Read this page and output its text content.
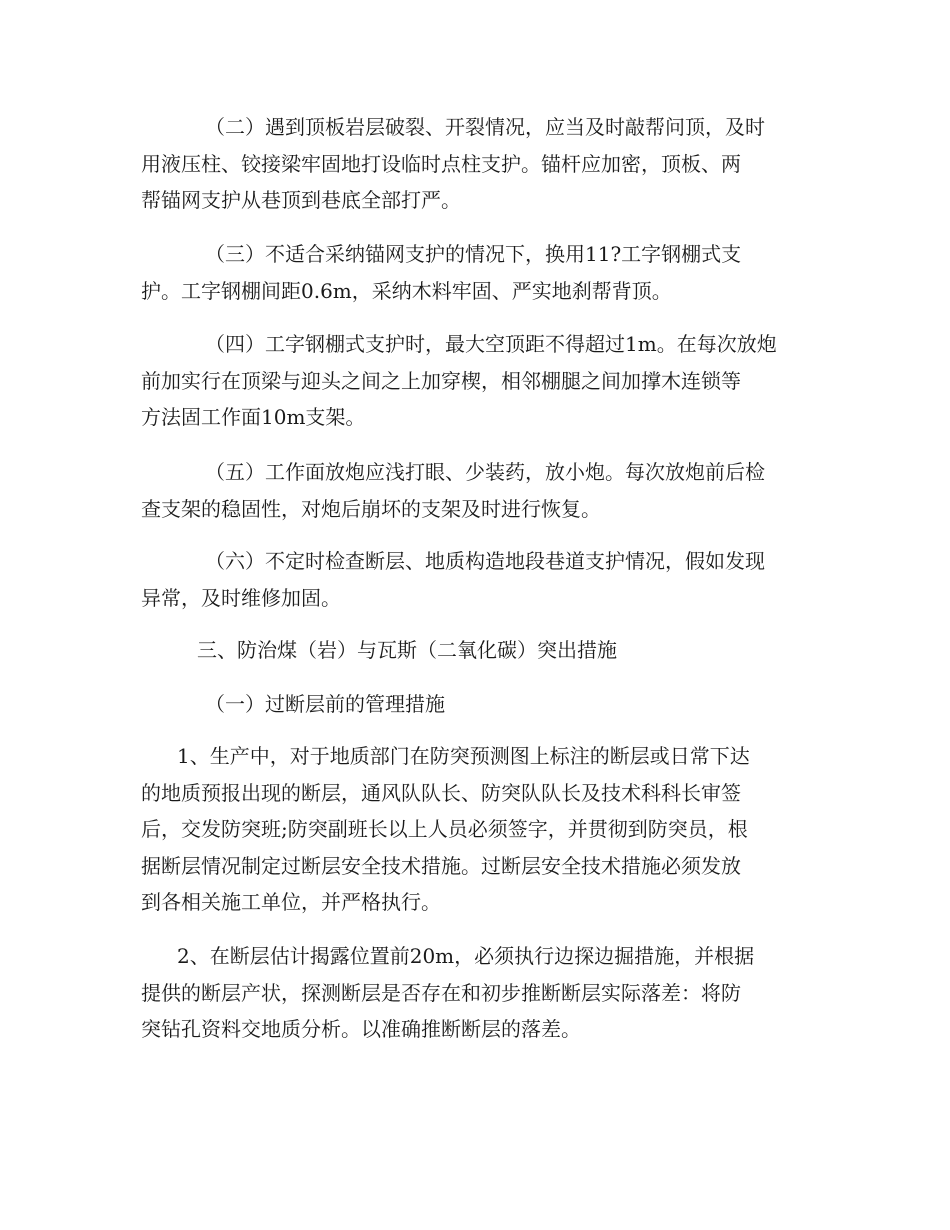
（二）遇到顶板岩层破裂、开裂情况，应当及时敲帮问顶，及时
用液压柱、铰接梁牢固地打设临时点柱支护。锚杆应加密，顶板、两
帮锚网支护从巷顶到巷底全部打严。

（三）不适合采纳锚网支护的情况下，换用11?工字钢棚式支
护。工字钢棚间距0.6m，采纳木料牢固、严实地刹帮背顶。

（四）工字钢棚式支护时，最大空顶距不得超过1m。在每次放炮
前加实行在顶梁与迎头之间之上加穿楔，相邻棚腿之间加撑木连锁等
方法固工作面10m支架。

（五）工作面放炮应浅打眼、少装药，放小炮。每次放炮前后检
查支架的稳固性，对炮后崩坏的支架及时进行恢复。

（六）不定时检查断层、地质构造地段巷道支护情况，假如发现
异常，及时维修加固。

三、防治煤（岩）与瓦斯（二氧化碳）突出措施

（一）过断层前的管理措施

1、生产中，对于地质部门在防突预测图上标注的断层或日常下达
的地质预报出现的断层，通风队队长、防突队队长及技术科科长审签
后，交发防突班;防突副班长以上人员必须签字，并贯彻到防突员，根
据断层情况制定过断层安全技术措施。过断层安全技术措施必须发放
到各相关施工单位，并严格执行。

2、在断层估计揭露位置前20m，必须执行边探边掘措施，并根据
提供的断层产状，探测断层是否存在和初步推断断层实际落差：将防
突钻孔资料交地质分析。以准确推断断层的落差。
